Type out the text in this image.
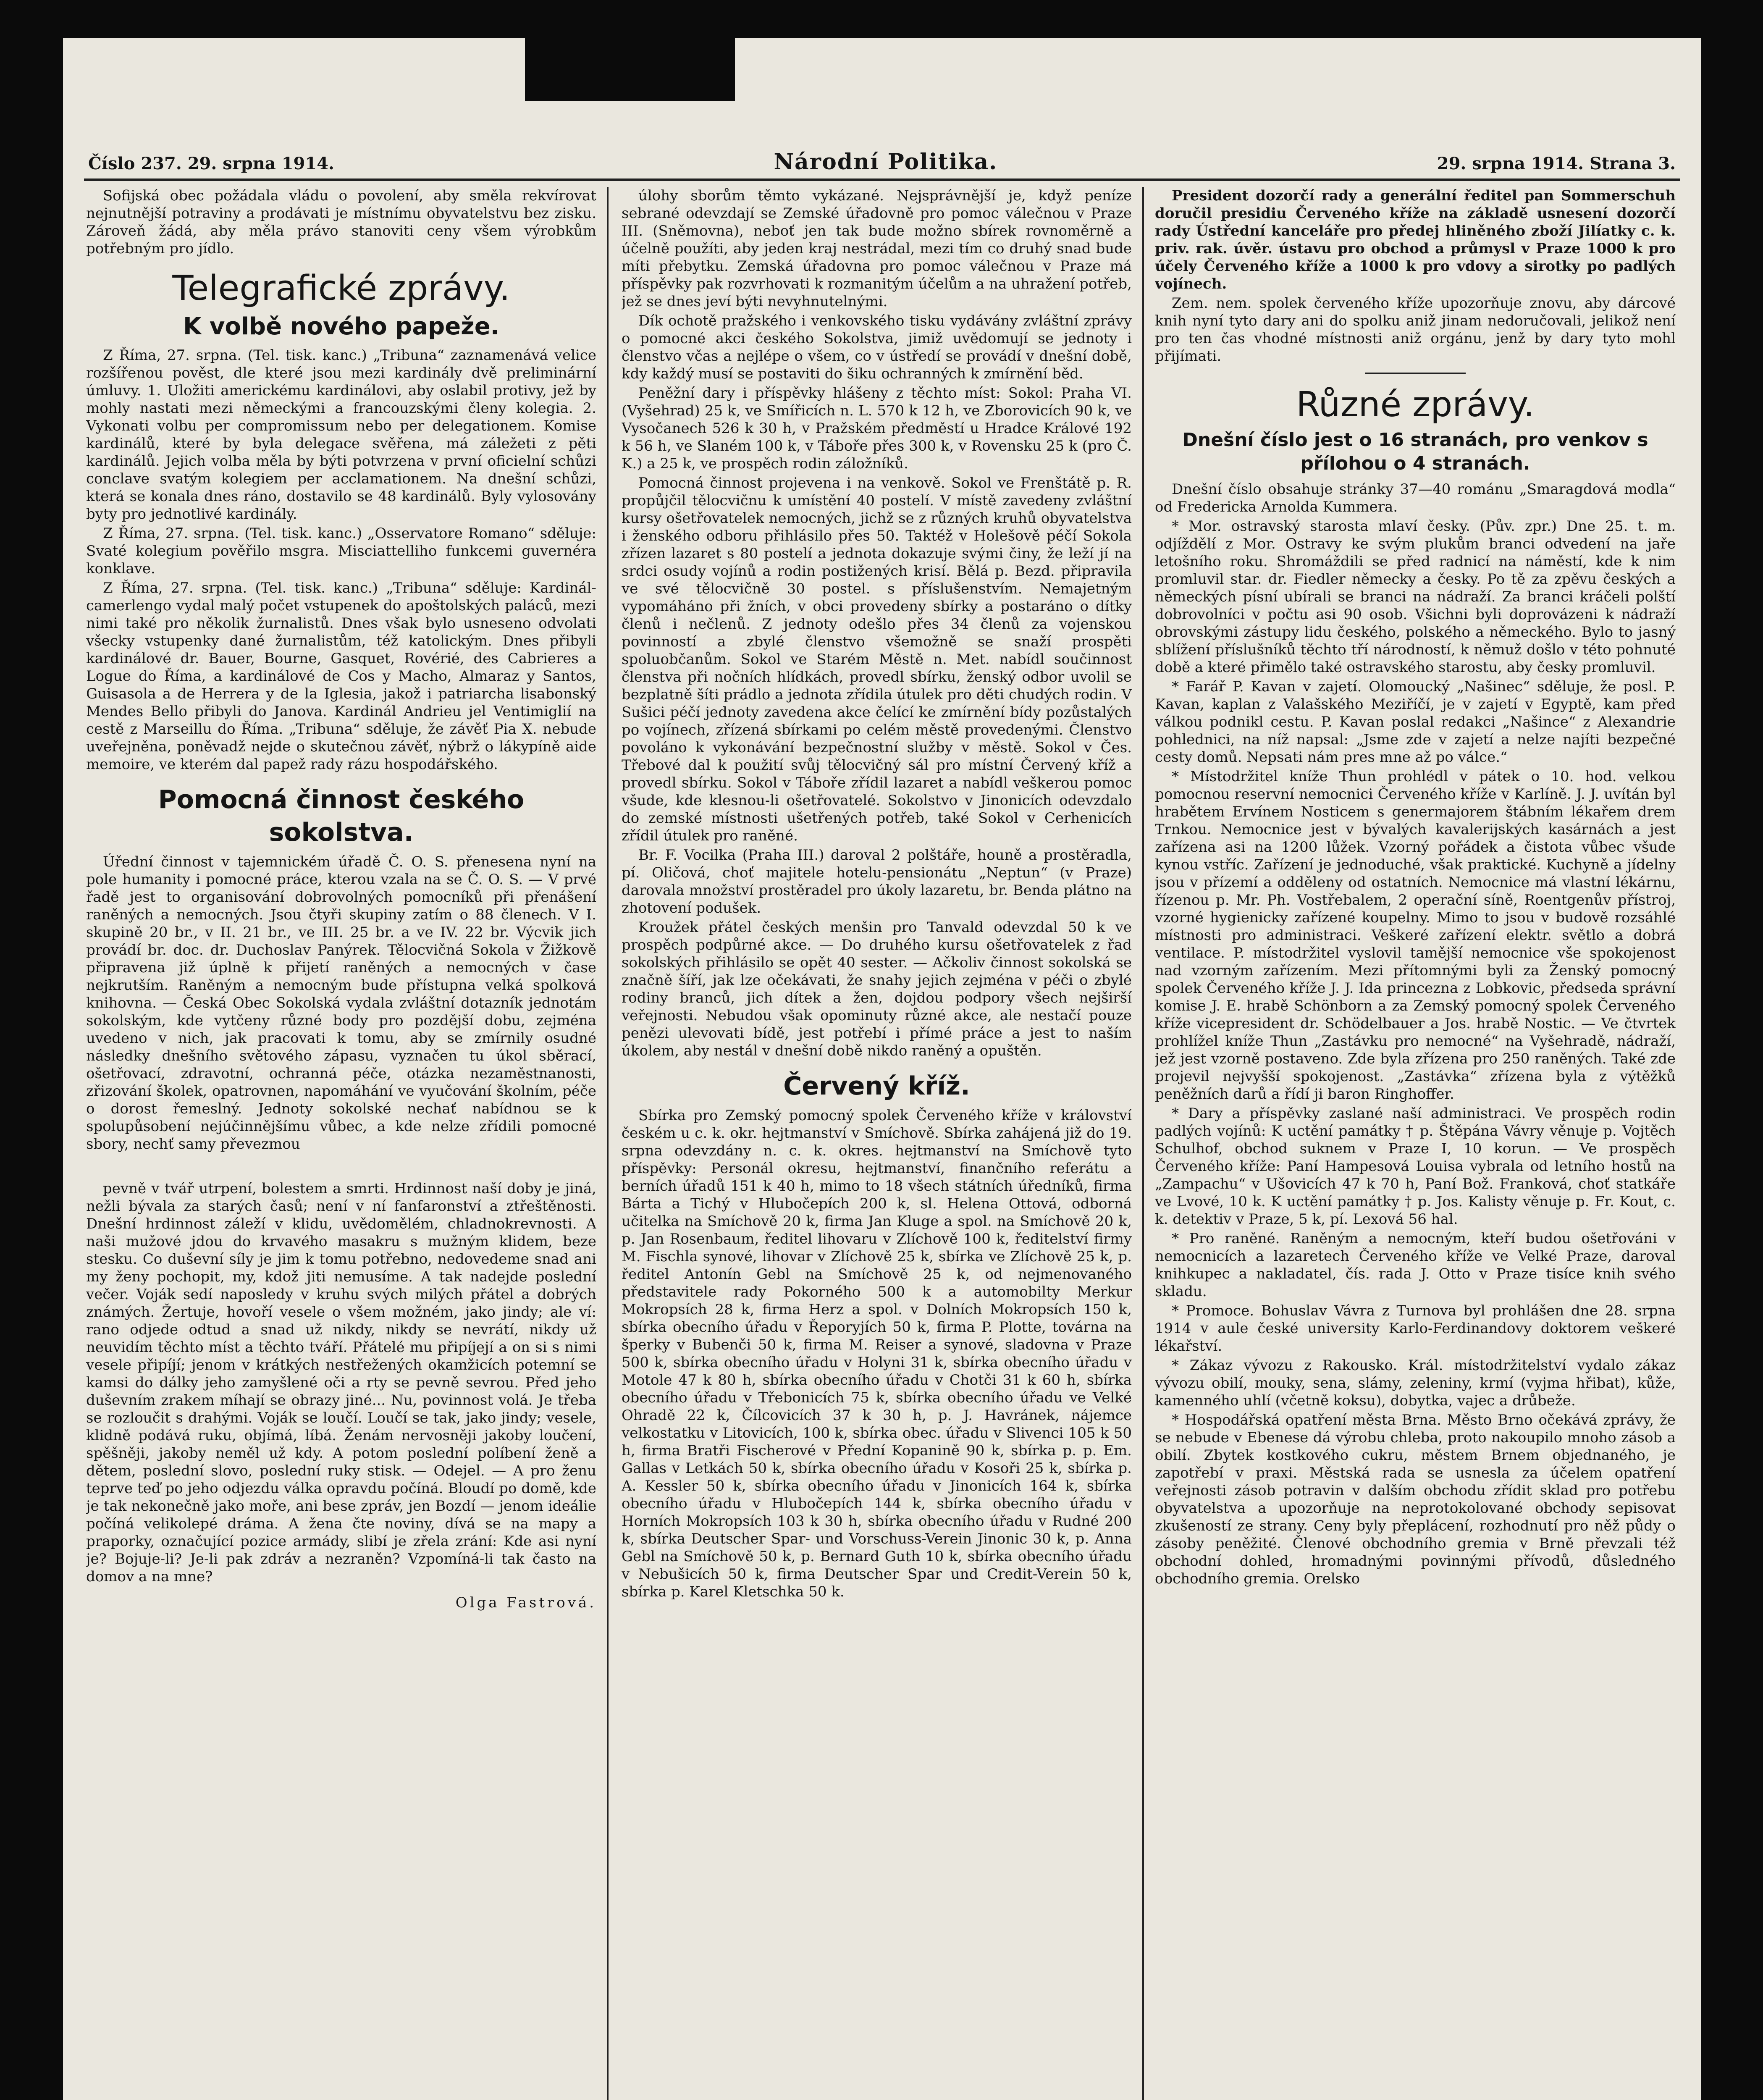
Číslo 237. 29. srpna 1914.	Národní Politika.	29. srpna 1914. Strana 3.

Sofijská obec požádala vládu o povolení, aby směla rekvírovat nejnutnější potraviny a prodávati je místnímu obyvatelstvu bez zisku. Zároveň žádá, aby měla právo stanoviti ceny všem výrobkům potřebným pro jídlo.

Telegrafické zprávy.
K volbě nového papeže.

Z Říma, 27. srpna. (Tel. tisk. kanc.) „Tribuna“ zaznamenává velice rozšířenou pověst, dle které jsou mezi kardinály dvě preliminární úmluvy. 1. Uložiti americkému kardinálovi, aby oslabil protivy, jež by mohly nastati mezi německými a francouzskými členy kolegia. 2. Vykonati volbu per compromissum nebo per delegationem. Komise kardinálů, které by byla delegace svěřena, má záležeti z pěti kardinálů. Jejich volba měla by býti potvrzena v první oficielní schůzi conclave svatým kolegiem per acclamationem. Na dnešní schůzi, která se konala dnes ráno, dostavilo se 48 kardinálů. Byly vylosovány byty pro jednotlivé kardinály.

Z Říma, 27. srpna. (Tel. tisk. kanc.) „Osservatore Romano“ sděluje: Svaté kolegium pověřilo msgra. Misciattelliho funkcemi guvernéra konklave.

Z Říma, 27. srpna. (Tel. tisk. kanc.) „Tribuna“ sděluje: Kardinál-camerlengo vydal malý počet vstupenek do apoštolských paláců, mezi nimi také pro několik žurnalistů. Dnes však bylo usneseno odvolati všecky vstupenky dané žurnalistům, též katolickým. Dnes přibyli kardinálové dr. Bauer, Bourne, Gasquet, Rovérié, des Cabrieres a Logue do Říma, a kardinálové de Cos y Macho, Almaraz y Santos, Guisasola a de Herrera y de la Iglesia, jakož i patriarcha lisabonský Mendes Bello přibyli do Janova. Kardinál Andrieu jel Ventimiglií na cestě z Marseillu do Říma. „Tribuna“ sděluje, že závěť Pia X. nebude uveřejněna, poněvadž nejde o skutečnou závěť, nýbrž o lákypíně aide memoire, ve kterém dal papež rady rázu hospodářského.

Pomocná činnost českého sokolstva.

Úřední činnost v tajemnickém úřadě Č. O. S. přenesena nyní na pole humanity i pomocné práce, kterou vzala na se Č. O. S. — V prvé řadě jest to organisování dobrovolných pomocníků při přenášení raněných a nemocných. Jsou čtyři skupiny zatím o 88 členech. V I. skupině 20 br., v II. 21 br., ve III. 25 br. a ve IV. 22 br. Výcvik jich provádí br. doc. dr. Duchoslav Panýrek. Tělocvičná Sokola v Žižkově připravena již úplně k přijetí raněných a nemocných v čase nejkrutším. Raněným a nemocným bude přístupna velká spolková knihovna. — Česká Obec Sokolská vydala zvláštní dotazník jednotám sokolským, kde vytčeny různé body pro pozdější dobu, zejména uvedeno v nich, jak pracovati k tomu, aby se zmírnily osudné následky dnešního světového zápasu, vyznačen tu úkol sběrací, ošetřovací, zdravotní, ochranná péče, otázka nezaměstnanosti, zřizování školek, opatrovnen, napomáhání ve vyučování školním, péče o dorost řemeslný. Jednoty sokolské nechať nabídnou se k spolupůsobení nejúčinnějšímu vůbec, a kde nelze zřídili pomocné sbory, nechť samy převezmou

pevně v tvář utrpení, bolestem a smrti. Hrdinnost naší doby je jiná, nežli bývala za starých časů; není v ní fanfaronství a ztřeštěnosti. Dnešní hrdinnost záleží v klidu, uvědomělém, chladnokrevnosti. A naši mužové jdou do krvavého masakru s mužným klidem, beze stesku. Co duševní síly je jim k tomu potřebno, nedovedeme snad ani my ženy pochopit, my, kdož jiti nemusíme. A tak nadejde poslední večer. Voják sedí naposledy v kruhu svých milých přátel a dobrých známých. Žertuje, hovoří vesele o všem možném, jako jindy; ale ví: rano odjede odtud a snad už nikdy, nikdy se nevrátí, nikdy už neuvidím těchto míst a těchto tváří. Přátelé mu připíjejí a on si s nimi vesele připíjí; jenom v krátkých nestřežených okamžicích potemní se kamsi do dálky jeho zamyšlené oči a rty se pevně sevrou. Před jeho duševním zrakem míhají se obrazy jiné... Nu, povinnost volá. Je třeba se rozloučit s drahými. Voják se loučí. Loučí se tak, jako jindy; vesele, klidně podává ruku, objímá, líbá. Ženám nervosněji jakoby loučení, spěšněji, jakoby neměl už kdy. A potom poslední políbení ženě a dětem, poslední slovo, poslední ruky stisk. — Odejel. — A pro ženu teprve teď po jeho odjezdu válka opravdu počíná. Bloudí po domě, kde je tak nekonečně jako moře, ani bese zpráv, jen Bozdí — jenom ideálie počíná velikolepé dráma. A žena čte noviny, dívá se na mapy a praporky, označující pozice armády, slibí je zřela zrání: Kde asi nyní je? Bojuje-li? Je-li pak zdráv a nezraněn? Vzpomíná-li tak často na domov a na mne?

Olga Fastrová.

úlohy sborům těmto vykázané. Nejsprávnější je, když peníze sebrané odevzdají se Zemské úřadovně pro pomoc válečnou v Praze III. (Sněmovna), neboť jen tak bude možno sbírek rovnoměrně a účelně použíti, aby jeden kraj nestrádal, mezi tím co druhý snad bude míti přebytku. Zemská úřadovna pro pomoc válečnou v Praze má příspěvky pak rozvrhovati k rozmanitým účelům a na uhražení potřeb, jež se dnes jeví býti nevyhnutelnými.

Dík ochotě pražského i venkovského tisku vydávány zvláštní zprávy o pomocné akci českého Sokolstva, jimiž uvědomují se jednoty i členstvo včas a nejlépe o všem, co v ústředí se provádí v dnešní době, kdy každý musí se postaviti do šiku ochranných k zmírnění běd.

Peněžní dary i příspěvky hlášeny z těchto míst: Sokol: Praha VI. (Vyšehrad) 25 k, ve Smířicích n. L. 570 k 12 h, ve Zborovicích 90 k, ve Vysočanech 526 k 30 h, v Pražském předměstí u Hradce Králové 192 k 56 h, ve Slaném 100 k, v Táboře přes 300 k, v Rovensku 25 k (pro Č. K.) a 25 k, ve prospěch rodin záložníků.

Pomocná činnost projevena i na venkově. Sokol ve Frenštátě p. R. propůjčil tělocvičnu k umístění 40 postelí. V místě zavedeny zvláštní kursy ošetřovatelek nemocných, jichž se z různých kruhů obyvatelstva i ženského odboru přihlásilo přes 50. Taktéž v Holešově péčí Sokola zřízen lazaret s 80 postelí a jednota dokazuje svými činy, že leží jí na srdci osudy vojínů a rodin postižených krisí. Bělá p. Bezd. připravila ve své tělocvičně 30 postel. s příslušenstvím. Nemajetným vypomáháno při žních, v obci provedeny sbírky a postaráno o dítky členů i nečlenů. Z jednoty odešlo přes 34 členů za vojenskou povinností a zbylé členstvo všemožně se snaží prospěti spoluobčanům. Sokol ve Starém Městě n. Met. nabídl součinnost členstva při nočních hlídkách, provedl sbírku, ženský odbor uvolil se bezplatně šíti prádlo a jednota zřídila útulek pro děti chudých rodin. V Sušici péčí jednoty zavedena akce čelící ke zmírnění bídy pozůstalých po vojínech, zřízená sbírkami po celém městě provedenými. Členstvo povoláno k vykonávání bezpečnostní služby v městě. Sokol v Čes. Třebové dal k použití svůj tělocvičný sál pro místní Červený kříž a provedl sbírku. Sokol v Táboře zřídil lazaret a nabídl veškerou pomoc všude, kde klesnou-li ošetřovatelé. Sokolstvo v Jinonicích odevzdalo do zemské místnosti ušetřených potřeb, také Sokol v Cerhenicích zřídil útulek pro raněné.

Br. F. Vocilka (Praha III.) daroval 2 polštáře, houně a prostěradla, pí. Oličová, choť majitele hotelu-pensionátu „Neptun“ (v Praze) darovala množství prostěradel pro úkoly lazaretu, br. Benda plátno na zhotovení podušek.

Kroužek přátel českých menšin pro Tanvald odevzdal 50 k ve prospěch podpůrné akce. — Do druhého kursu ošetřovatelek z řad sokolských přihlásilo se opět 40 sester. — Ačkoliv činnost sokolská se značně šíří, jak lze očekávati, že snahy jejich zejména v péči o zbylé rodiny branců, jich dítek a žen, dojdou podpory všech nejširší veřejnosti. Nebudou však opominuty různé akce, ale nestačí pouze penězi ulevovati bídě, jest potřebí i přímé práce a jest to naším úkolem, aby nestál v dnešní době nikdo raněný a opuštěn.

Červený kříž.

Sbírka pro Zemský pomocný spolek Červeného kříže v království českém u c. k. okr. hejtmanství v Smíchově. Sbírka zahájená již do 19. srpna odevzdány n. c. k. okres. hejtmanství na Smíchově tyto příspěvky: Personál okresu, hejtmanství, finančního referátu a berních úřadů 151 k 40 h, mimo to 18 všech státních úředníků, firma Bárta a Tichý v Hlubočepích 200 k, sl. Helena Ottová, odborná učitelka na Smíchově 20 k, firma Jan Kluge a spol. na Smíchově 20 k, p. Jan Rosenbaum, ředitel lihovaru v Zlíchově 100 k, ředitelství firmy M. Fischla synové, lihovar v Zlíchově 25 k, sbírka ve Zlíchově 25 k, p. ředitel Antonín Gebl na Smíchově 25 k, od nejmenovaného představitele rady Pokorného 500 k a automobilty Merkur Mokropsích 28 k, firma Herz a spol. v Dolních Mokropsích 150 k, sbírka obecního úřadu v Řeporyjích 50 k, firma P. Plotte, továrna na šperky v Bubenči 50 k, firma M. Reiser a synové, sladovna v Praze 500 k, sbírka obecního úřadu v Holyni 31 k, sbírka obecního úřadu v Motole 47 k 80 h, sbírka obecního úřadu v Chotči 31 k 60 h, sbírka obecního úřadu v Třebonicích 75 k, sbírka obecního úřadu ve Velké Ohradě 22 k, Čílcovicích 37 k 30 h, p. J. Havránek, nájemce velkostatku v Litovicích, 100 k, sbírka obec. úřadu v Slivenci 105 k 50 h, firma Bratři Fischerové v Přední Kopanině 90 k, sbírka p. p. Em. Gallas v Letkách 50 k, sbírka obecního úřadu v Kosoři 25 k, sbírka p. A. Kessler 50 k, sbírka obecního úřadu v Jinonicích 164 k, sbírka obecního úřadu v Hlubočepích 144 k, sbírka obecního úřadu v Horních Mokropsích 103 k 30 h, sbírka obecního úřadu v Rudné 200 k, sbírka Deutscher Spar- und Vorschuss-Verein Jinonic 30 k, p. Anna Gebl na Smíchově 50 k, p. Bernard Guth 10 k, sbírka obecního úřadu v Nebušicích 50 k, firma Deutscher Spar und Credit-Verein 50 k, sbírka p. Karel Kletschka 50 k.

President dozorčí rady a generální ředitel pan Sommerschuh doručil presidiu Červeného kříže na základě usnesení dozorčí rady Ústřední kanceláře pro předej hliněného zboží Jilíatky c. k. priv. rak. úvěr. ústavu pro obchod a průmysl v Praze 1000 k pro účely Červeného kříže a 1000 k pro vdovy a sirotky po padlých vojínech.

Zem. nem. spolek červeného kříže upozorňuje znovu, aby dárcové knih nyní tyto dary ani do spolku aniž jinam nedoručovali, jelikož není pro ten čas vhodné místnosti aniž orgánu, jenž by dary tyto mohl přijímati.

Různé zprávy.
Dnešní číslo jest o 16 stranách, pro venkov s přílohou o 4 stranách.

Dnešní číslo obsahuje stránky 37—40 románu „Smaragdová modla“ od Fredericka Arnolda Kummera.

* Mor. ostravský starosta mlaví česky. (Pův. zpr.) Dne 25. t. m. odjíždělí z Mor. Ostravy ke svým plukům branci odvedení na jaře letošního roku. Shromáždili se před radnicí na náměstí, kde k nim promluvil star. dr. Fiedler německy a česky. Po tě za zpěvu českých a německých písní ubírali se branci na nádraží. Za branci kráčeli polští dobrovolníci v počtu asi 90 osob. Všichni byli doprovázeni k nádraží obrovskými zástupy lidu českého, polského a německého. Bylo to jasný sblížení příslušníků těchto tří národností, k němuž došlo v této pohnuté době a které přimělo také ostravského starostu, aby česky promluvil.

* Farář P. Kavan v zajetí. Olomoucký „Našinec“ sděluje, že posl. P. Kavan, kaplan z Valašského Meziříčí, je v zajetí v Egyptě, kam před válkou podnikl cestu. P. Kavan poslal redakci „Našince“ z Alexandrie pohlednici, na níž napsal: „Jsme zde v zajetí a nelze najíti bezpečné cesty domů. Nepsati nám pres mne až po válce.“

* Místodržitel kníže Thun prohlédl v pátek o 10. hod. velkou pomocnou reservní nemocnici Červeného kříže v Karlíně. J. J. uvítán byl hrabětem Ervínem Nosticem s genermajorem štábním lékařem drem Trnkou. Nemocnice jest v bývalých kavalerijských kasárnách a jest zařízena asi na 1200 lůžek. Vzorný pořádek a čistota vůbec všude kynou vstříc. Zařízení je jednoduché, však praktické. Kuchyně a jídelny jsou v přízemí a odděleny od ostatních. Nemocnice má vlastní lékárnu, řízenou p. Mr. Ph. Vostřebalem, 2 operační síně, Roentgenův přístroj, vzorné hygienicky zařízené koupelny. Mimo to jsou v budově rozsáhlé místnosti pro administraci. Veškeré zařízení elektr. světlo a dobrá ventilace. P. místodržitel vyslovil tamější nemocnice vše spokojenost nad vzorným zařízením. Mezi přítomnými byli za Ženský pomocný spolek Červeného kříže J. J. Ida princezna z Lobkovic, předseda správní komise J. E. hrabě Schönborn a za Zemský pomocný spolek Červeného kříže vicepresident dr. Schödelbauer a Jos. hrabě Nostic. — Ve čtvrtek prohlížel kníže Thun „Zastávku pro nemocné“ na Vyšehradě, nádraží, jež jest vzorně postaveno. Zde byla zřízena pro 250 raněných. Také zde projevil nejvyšší spokojenost. „Zastávka“ zřízena byla z výtěžků peněžních darů a řídí ji baron Ringhoffer.

* Dary a příspěvky zaslané naší administraci. Ve prospěch rodin padlých vojínů: K uctění památky † p. Štěpána Vávry věnuje p. Vojtěch Schulhof, obchod suknem v Praze I, 10 korun. — Ve prospěch Červeného kříže: Paní Hampesová Louisa vybrala od letního hostů na „Zampachu“ v Ušovicích 47 k 70 h, Paní Bož. Franková, choť statkáře ve Lvové, 10 k. K uctění památky † p. Jos. Kalisty věnuje p. Fr. Kout, c. k. detektiv v Praze, 5 k, pí. Lexová 56 hal.

* Pro raněné. Raněným a nemocným, kteří budou ošetřováni v nemocnicích a lazaretech Červeného kříže ve Velké Praze, daroval knihkupec a nakladatel, čís. rada J. Otto v Praze tisíce knih svého skladu.

* Promoce. Bohuslav Vávra z Turnova byl prohlášen dne 28. srpna 1914 v aule české university Karlo-Ferdinandovy doktorem veškeré lékařství.

* Zákaz vývozu z Rakousko. Král. místodržitelství vydalo zákaz vývozu obilí, mouky, sena, slámy, zeleniny, krmí (vyjma hřibat), kůže, kamenného uhlí (včetně koksu), dobytka, vajec a drůbeže.

* Hospodářská opatření města Brna. Město Brno očekává zprávy, že se nebude v Ebenese dá výrobu chleba, proto nakoupilo mnoho zásob a obilí. Zbytek kostkového cukru, městem Brnem objednaného, je zapotřebí v praxi. Městská rada se usnesla za účelem opatření veřejnosti zásob potravin v dalším obchodu zřídit sklad pro potřebu obyvatelstva a upozorňuje na neprotokolované obchody sepisovat zkušeností ze strany. Ceny byly přeplácení, rozhodnutí pro něž půdy o zásoby peněžité. Členové obchodního gremia v Brně převzali též obchodní dohled, hromadnými povinnými přívodů, důsledného obchodního gremia. Orelsko
